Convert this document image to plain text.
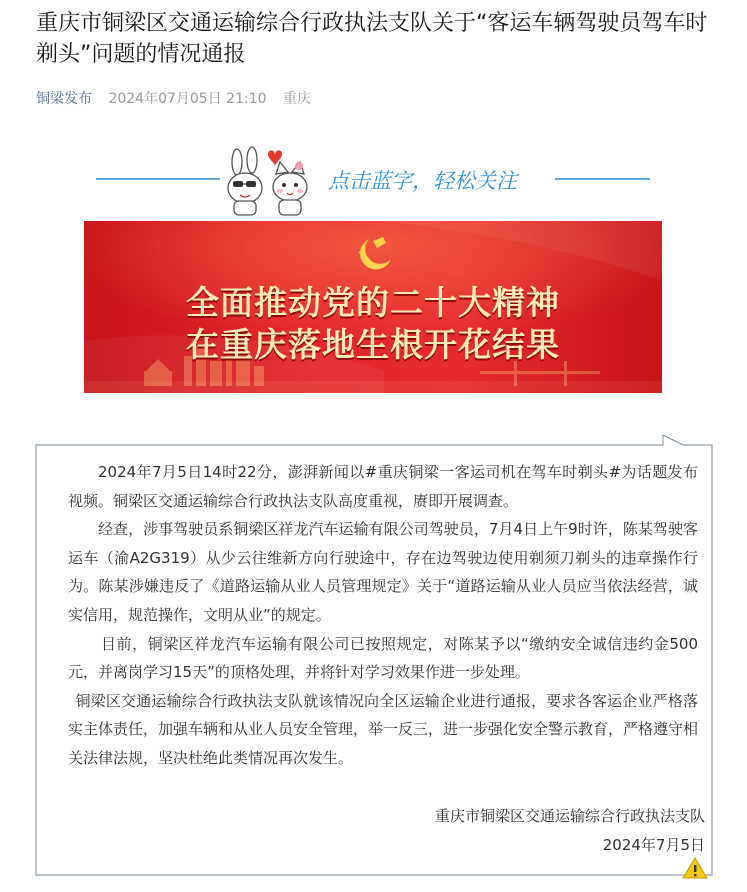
重庆市铜梁区交通运输综合行政执法支队关于“客运车辆驾驶员驾车时剃头”问题的情况通报
铜梁发布 2024年07月05日 21:10 重庆
点击蓝字，轻松关注
全面推动党的二十大精神
在重庆落地生根开花结果

2024年7月5日14时22分，澎湃新闻以#重庆铜梁一客运司机在驾车时剃头#为话题发布视频。铜梁区交通运输综合行政执法支队高度重视，赓即开展调查。

经查，涉事驾驶员系铜梁区祥龙汽车运输有限公司驾驶员，7月4日上午9时许，陈某驾驶客运车（渝A2G319）从少云往维新方向行驶途中，存在边驾驶边使用剃须刀剃头的违章操作行为。陈某涉嫌违反了《道路运输从业人员管理规定》关于“道路运输从业人员应当依法经营，诚实信用，规范操作，文明从业”的规定。

目前，铜梁区祥龙汽车运输有限公司已按照规定，对陈某予以“缴纳安全诚信违约金500元，并离岗学习15天”的顶格处理，并将针对学习效果作进一步处理。

铜梁区交通运输综合行政执法支队就该情况向全区运输企业进行通报，要求各客运企业严格落实主体责任，加强车辆和从业人员安全管理，举一反三，进一步强化安全警示教育，严格遵守相关法律法规，坚决杜绝此类情况再次发生。

重庆市铜梁区交通运输综合行政执法支队
2024年7月5日
